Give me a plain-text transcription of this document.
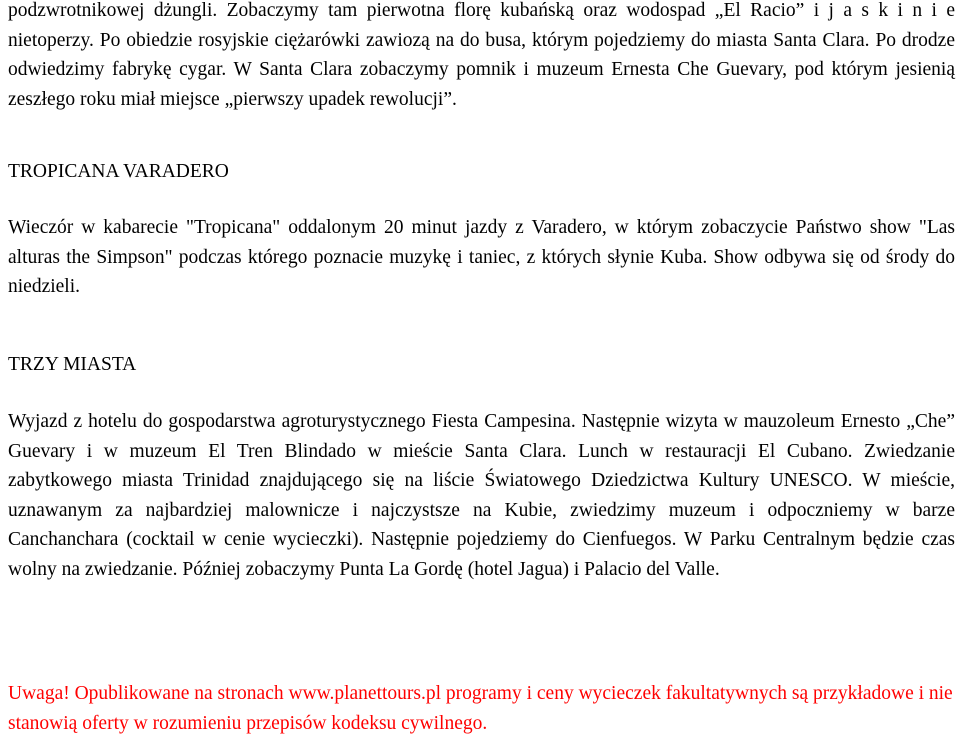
podzwrotnikowej dżungli. Zobaczymy tam pierwotna florę kubańską oraz wodospad „El Racio” i j a s k i n i e nietoperzy. Po obiedzie rosyjskie ciężarówki zawiozą na do busa, którym pojedziemy do miasta Santa Clara. Po drodze odwiedzimy fabrykę cygar. W Santa Clara zobaczymy pomnik i muzeum Ernesta Che Guevary, pod którym jesienią zeszłego roku miał miejsce „pierwszy upadek rewolucji”.

TROPICANA VARADERO

Wieczór w kabarecie "Tropicana" oddalonym 20 minut jazdy z Varadero, w którym zobaczycie Państwo show "Las alturas the Simpson" podczas którego poznacie muzykę i taniec, z których słynie Kuba. Show odbywa się od środy do niedzieli.

TRZY MIASTA

Wyjazd z hotelu do gospodarstwa agroturystycznego Fiesta Campesina. Następnie wizyta w mauzoleum Ernesto „Che” Guevary i w muzeum El Tren Blindado w mieście Santa Clara. Lunch w restauracji El Cubano. Zwiedzanie zabytkowego miasta Trinidad znajdującego się na liście Światowego Dziedzictwa Kultury UNESCO. W mieście, uznawanym za najbardziej malownicze i najczystsze na Kubie, zwiedzimy muzeum i odpoczniemy w barze Canchanchara (cocktail w cenie wycieczki). Następnie pojedziemy do Cienfuegos. W Parku Centralnym będzie czas wolny na zwiedzanie. Później zobaczymy Punta La Gordę (hotel Jagua) i Palacio del Valle.

Uwaga! Opublikowane na stronach www.planettours.pl programy i ceny wycieczek fakultatywnych są przykładowe i nie stanowią oferty w rozumieniu przepisów kodeksu cywilnego.
